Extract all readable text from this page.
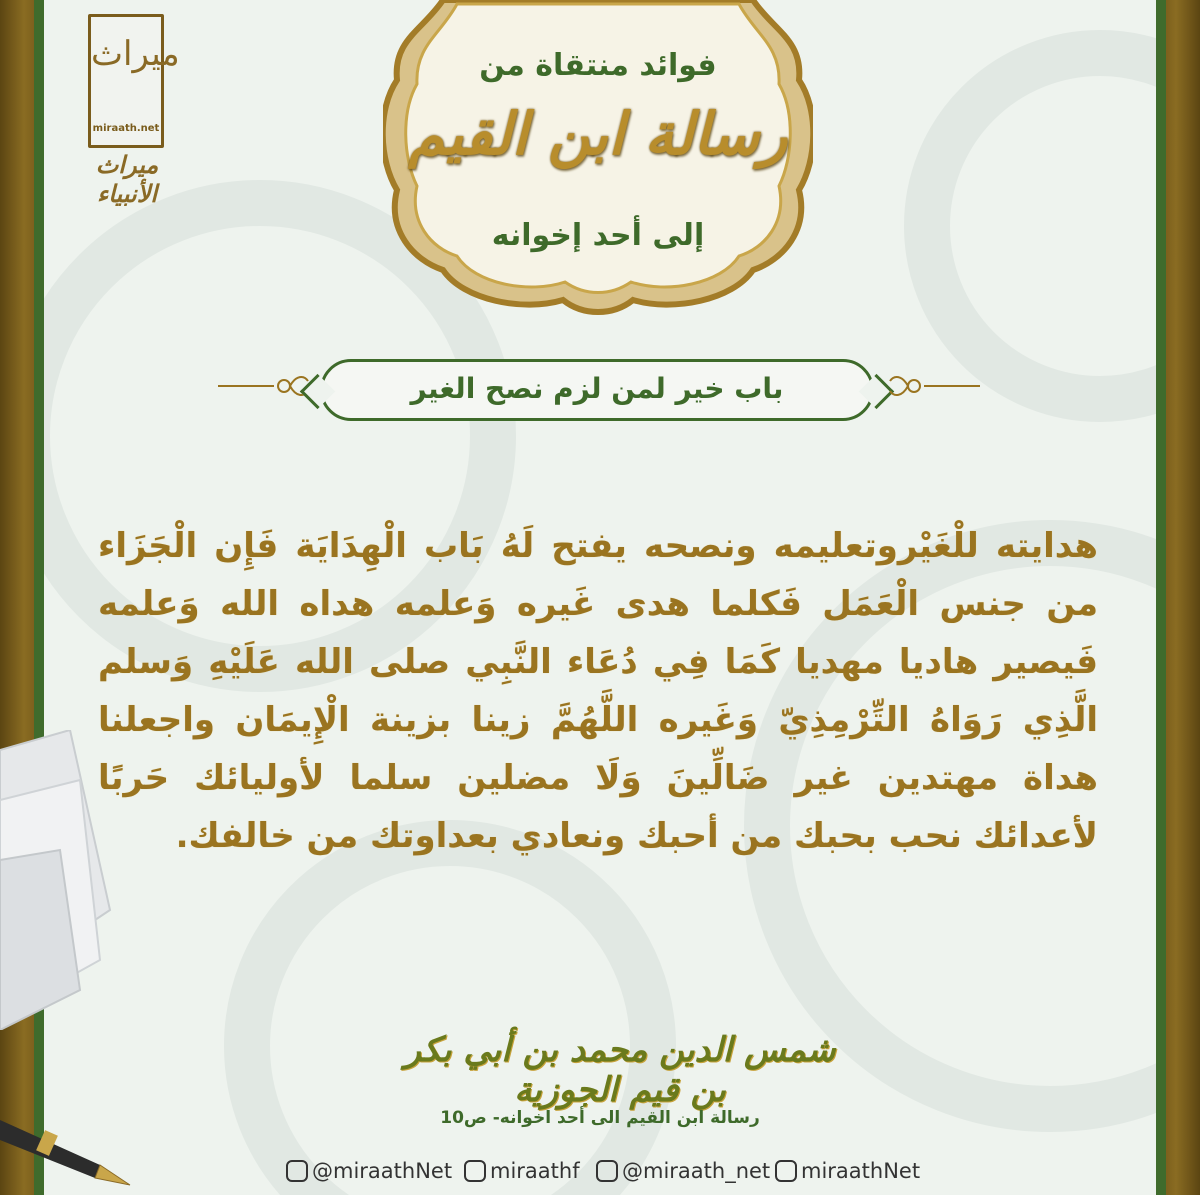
ميراث
miraath.net
ميراث الأنبياء
فوائد منتقاة من
رسالة ابن القيم
إلى أحد إخوانه
باب خير لمن لزم نصح الغير
هدايته للْغَيْروتعليمه ونصحه يفتح لَهُ بَاب الْهِدَايَة فَإِن الْجَزَاء من جنس الْعَمَل فَكلما هدى غَيره وَعلمه هداه الله وَعلمه فَيصير هاديا مهديا كَمَا فِي دُعَاء النَّبِي صلى الله عَلَيْهِ وَسلم الَّذِي رَوَاهُ التِّرْمِذِيّ وَغَيره اللَّهُمَّ زينا بزينة الْإِيمَان واجعلنا هداة مهتدين غير ضَالِّينَ وَلَا مضلين سلما لأوليائك حَربًا لأعدائك نحب بحبك من أحبك ونعادي بعداوتك من خالفك.
شمس الدين محمد بن أبي بكر بن قيم الجوزية
رسالة ابن القيم الى أحد اخوانه- ص10
@miraathNet miraathf @miraath_net miraathNet
